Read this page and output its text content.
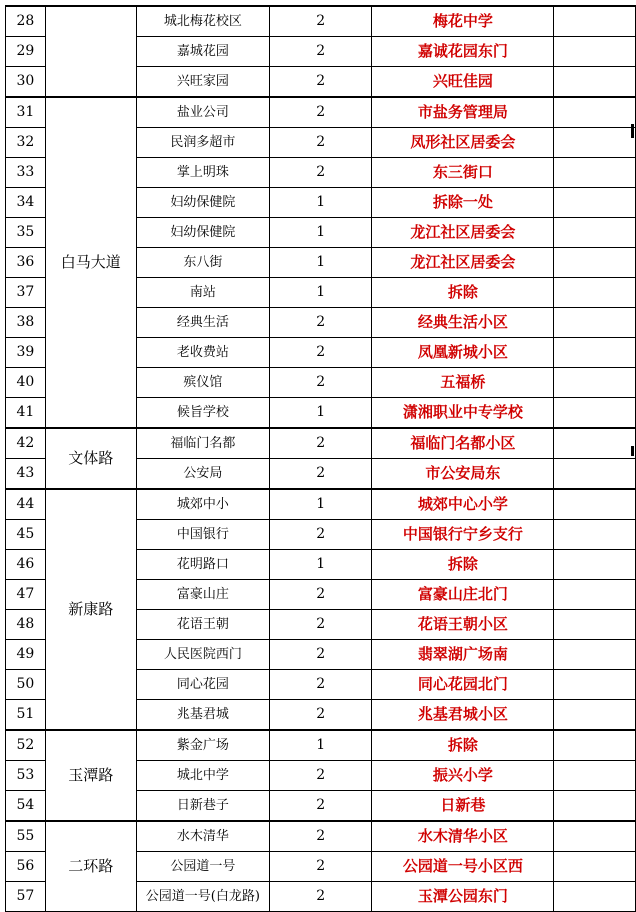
28		城北梅花校区	2	梅花中学	
29		嘉城花园	2	嘉诚花园东门	
30		兴旺家园	2	兴旺佳园	
31	白马大道	盐业公司	2	市盐务管理局	
32		民润多超市	2	凤形社区居委会	
33		掌上明珠	2	东三街口	
34		妇幼保健院	1	拆除一处	
35		妇幼保健院	1	龙江社区居委会	
36		东八街	1	龙江社区居委会	
37		南站	1	拆除	
38		经典生活	2	经典生活小区	
39		老收费站	2	凤凰新城小区	
40		殡仪馆	2	五福桥	
41		候旨学校	1	潇湘职业中专学校	
42	文体路	福临门名都	2	福临门名都小区	
43		公安局	2	市公安局东	
44	新康路	城郊中小	1	城郊中心小学	
45		中国银行	2	中国银行宁乡支行	
46		花明路口	1	拆除	
47		富豪山庄	2	富豪山庄北门	
48		花语王朝	2	花语王朝小区	
49		人民医院西门	2	翡翠湖广场南	
50		同心花园	2	同心花园北门	
51		兆基君城	2	兆基君城小区	
52	玉潭路	紫金广场	1	拆除	
53		城北中学	2	振兴小学	
54		日新巷子	2	日新巷	
55	二环路	水木清华	2	水木清华小区	
56		公园道一号	2	公园道一号小区西	
57		公园道一号(白龙路)	2	玉潭公园东门	
